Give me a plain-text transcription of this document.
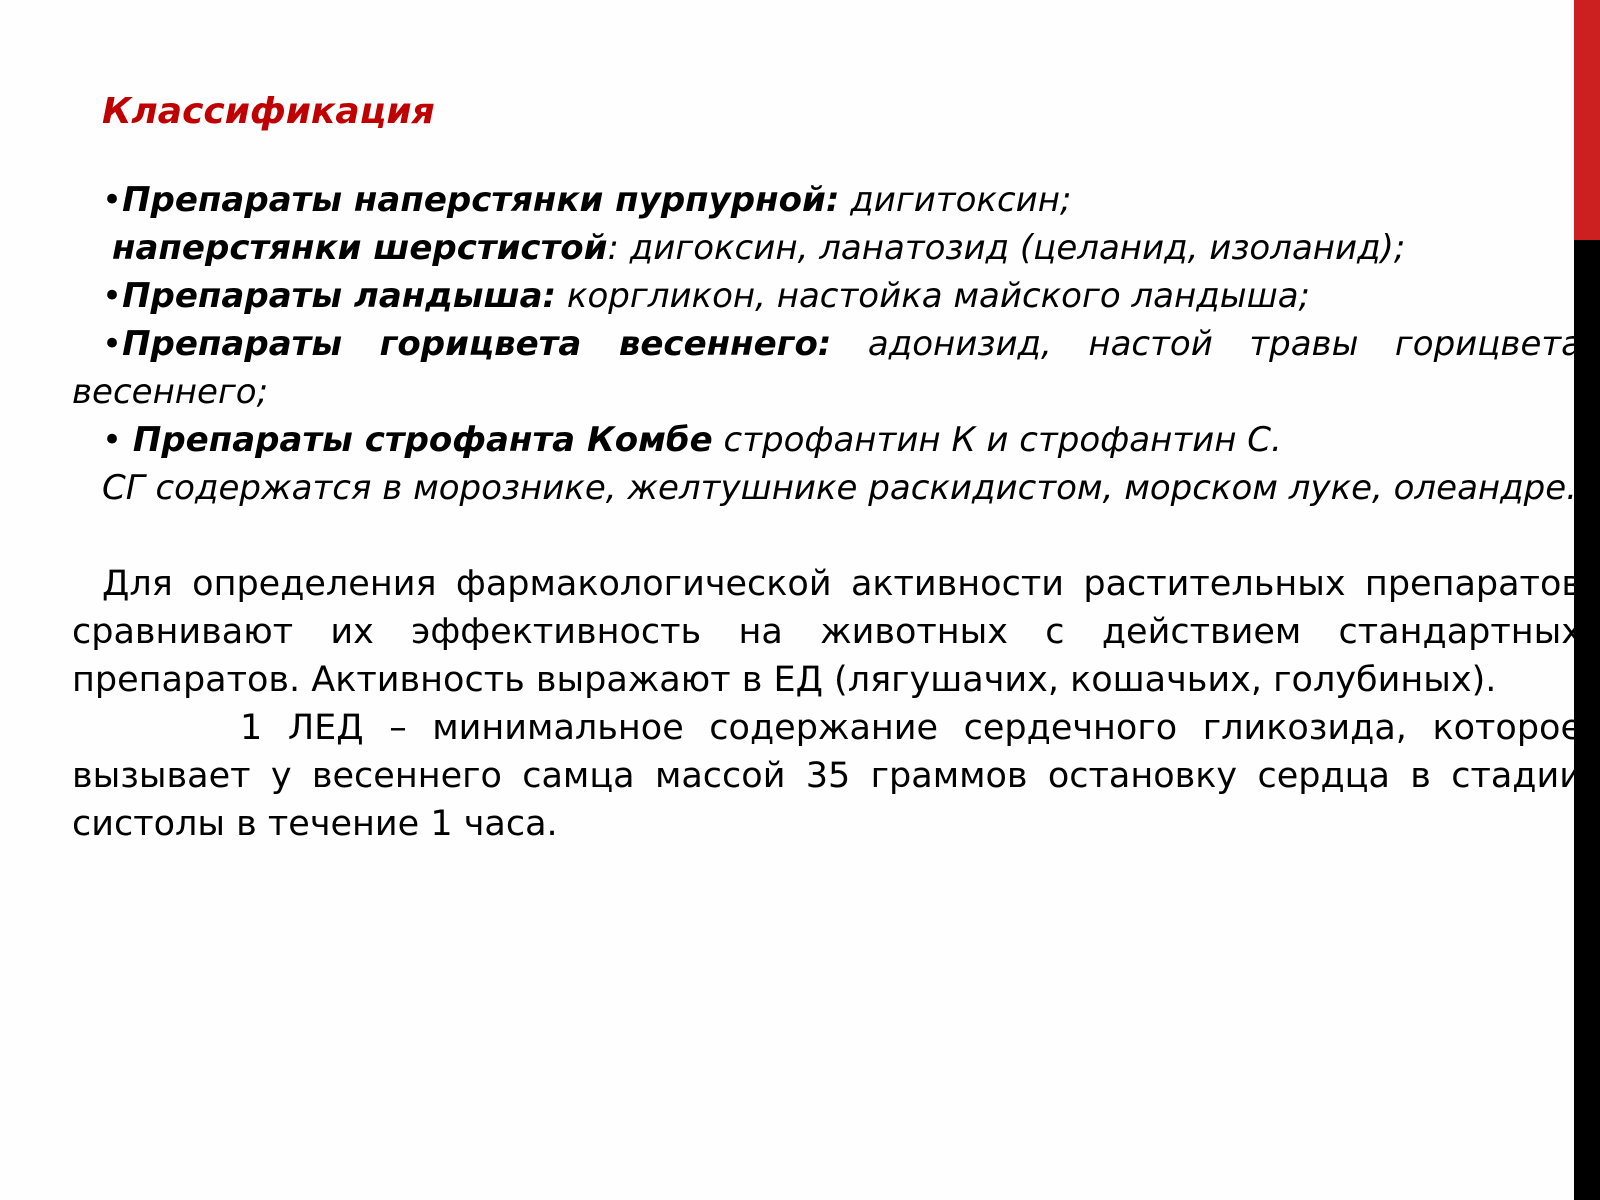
Классификация

•Препараты наперстянки пурпурной: дигитоксин;

наперстянки шерстистой: дигоксин, ланатозид (целанид, изоланид);

•Препараты ландыша: коргликон, настойка майского ландыша;

•Препараты горицвета весеннего: адонизид, настой травы горицвета весеннего;

• Препараты строфанта Комбе строфантин К и строфантин С.

СГ содержатся в морознике, желтушнике раскидистом, морском луке, олеандре.

Для определения фармакологической активности растительных препаратов сравнивают их эффективность на животных с действием стандартных препаратов. Активность выражают в ЕД (лягушачих, кошачьих, голубиных).

1 ЛЕД – минимальное содержание сердечного гликозида, которое вызывает у весеннего самца массой 35 граммов остановку сердца в стадии систолы в течение 1 часа.
